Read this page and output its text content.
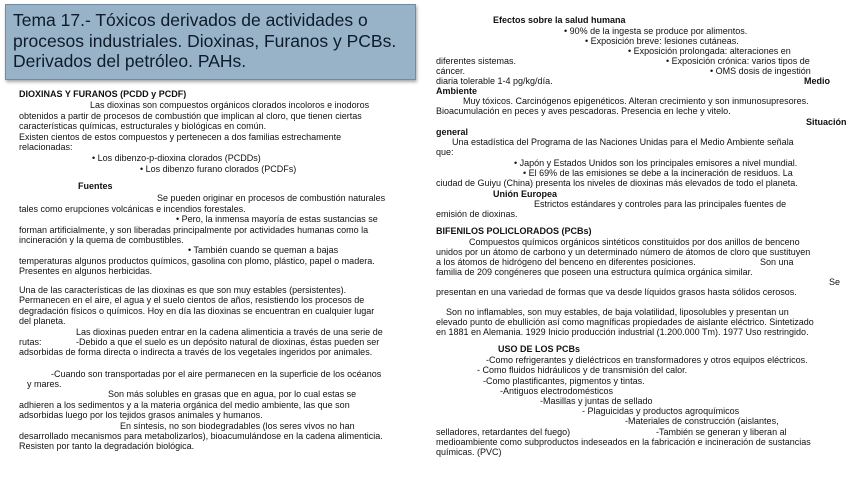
Tema 17.- Tóxicos derivados de actividades o
procesos industriales. Dioxinas, Furanos y PCBs.
Derivados del petróleo. PAHs.
DIOXINAS Y FURANOS (PCDD y PCDF)
Las dioxinas son compuestos orgánicos clorados incoloros e inodoros
obtenidos a partir de procesos de combustión que implican al cloro, que tienen ciertas
características químicas, estructurales y biológicas en común.
Existen cientos de estos compuestos y pertenecen a dos familias estrechamente
relacionadas:
• Los dibenzo-p-dioxina clorados (PCDDs)
• Los dibenzo furano clorados (PCDFs)
Fuentes
Se pueden originar en procesos de combustión naturales
tales como erupciones volcánicas e incendios forestales.
• Pero, la inmensa mayoría de estas sustancias se
forman artificialmente, y son liberadas principalmente por actividades humanas como la
incineración y la quema de combustibles.
• También cuando se queman a bajas
temperaturas algunos productos químicos, gasolina con plomo, plástico, papel o madera.
Presentes en algunos herbicidas.
Una de las características de las dioxinas es que son muy estables (persistentes).
Permanecen en el aire, el agua y el suelo cientos de años, resistiendo los procesos de
degradación físicos o químicos. Hoy en día las dioxinas se encuentran en cualquier lugar
del planeta.
Las dioxinas pueden entrar en la cadena alimenticia a través de una serie de
rutas:	-Debido a que el suelo es un depósito natural de dioxinas, éstas pueden ser
adsorbidas de forma directa o indirecta a través de los vegetales ingeridos por animales.
-Cuando son transportadas por el aire permanecen en la superficie de los océanos
y mares.
Son más solubles en grasas que en agua, por lo cual estas se
adhieren a los sedimentos y a la materia orgánica del medio ambiente, las que son
adsorbidas luego por los tejidos grasos animales y humanos.
En síntesis, no son biodegradables (los seres vivos no han
desarrollado mecanismos para metabolizarlos), bioacumulándose en la cadena alimenticia.
Resisten por tanto la degradación biológica.
Efectos sobre la salud humana
• 90% de la ingesta se produce por alimentos.
• Exposición breve: lesiones cutáneas.
• Exposición prolongada: alteraciones en
diferentes sistemas.	• Exposición crónica: varios tipos de
cáncer.	• OMS dosis de ingestión
diaria tolerable 1-4 pg/kg/día.	Medio
Ambiente
Muy tóxicos. Carcinógenos epigenéticos. Alteran crecimiento y son inmunosupresores.
Bioacumulación en peces y aves pescadoras. Presencia en leche y vitelo.
Situación
general
Una estadística del Programa de las Naciones Unidas para el Medio Ambiente señala
que:
• Japón y Estados Unidos son los principales emisores a nivel mundial.
• El 69% de las emisiones se debe a la incineración de residuos. La
ciudad de Guiyu (China) presenta los niveles de dioxinas más elevados de todo el planeta.
Unión Europea
Estrictos estándares y controles para las principales fuentes de
emisión de dioxinas.
BIFENILOS POLICLORADOS (PCBs)
Compuestos químicos orgánicos sintéticos constituidos por dos anillos de benceno
unidos por un átomo de carbono y un determinado número de átomos de cloro que sustituyen
a los átomos de hidrógeno del benceno en diferentes posiciones.	Son una
familia de 209 congéneres que poseen una estructura química orgánica similar.
Se
presentan en una variedad de formas que va desde líquidos grasos hasta sólidos cerosos.
Son no inflamables, son muy estables, de baja volatilidad, liposolubles y presentan un
elevado punto de ebullición así como magníficas propiedades de aislante eléctrico. Sintetizado
en 1881 en Alemania. 1929 Inicio producción industrial (1.200.000 Tm). 1977 Uso restringido.
USO DE LOS PCBs
-Como refrigerantes y dieléctricos en transformadores y otros equipos eléctricos.
- Como fluidos hidráulicos y de transmisión del calor.
-Como plastificantes, pigmentos y tintas.
-Antiguos electrodomésticos
-Masillas y juntas de sellado
- Plaguicidas y productos agroquímicos
-Materiales de construcción (aislantes,
selladores, retardantes del fuego)	-También se generan y liberan al
medioambiente como subproductos indeseados en la fabricación e incineración de sustancias
químicas. (PVC)
